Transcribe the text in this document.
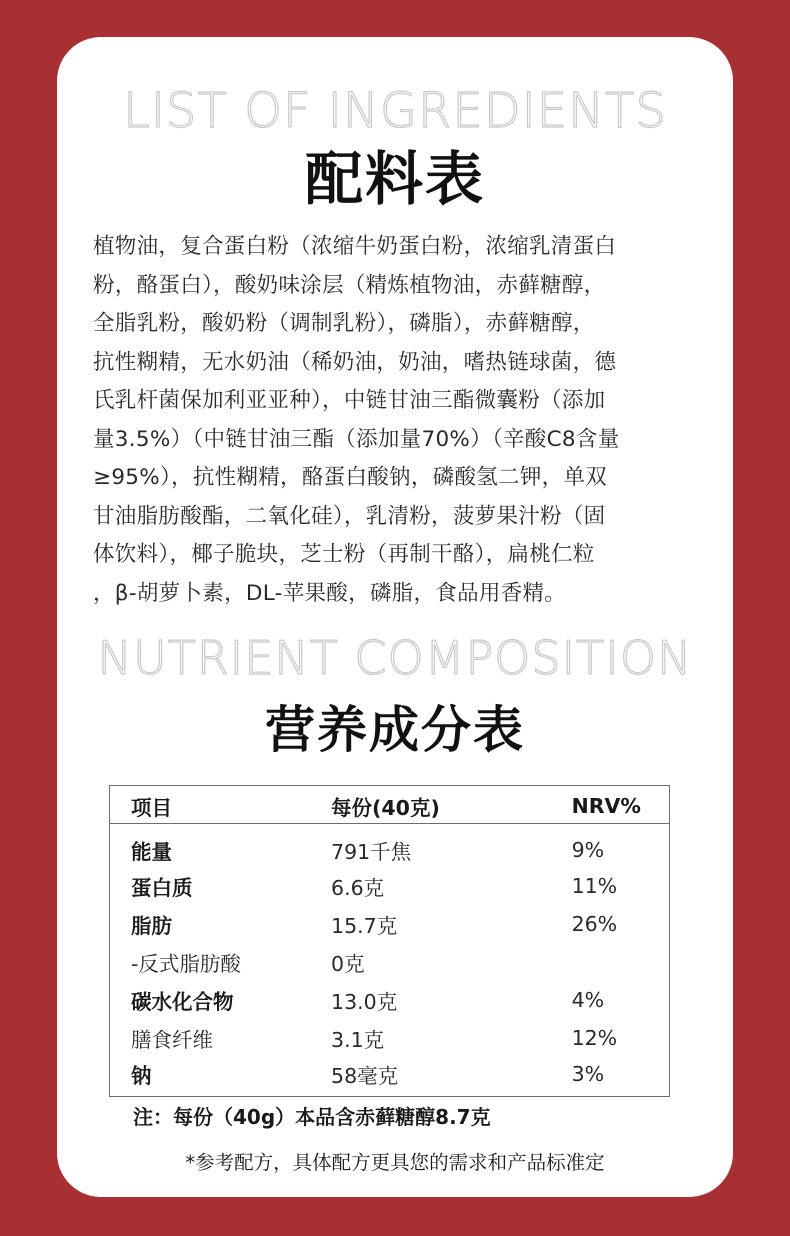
LIST OF INGREDIENTS
配料表
植物油，复合蛋白粉（浓缩牛奶蛋白粉，浓缩乳清蛋白
粉，酪蛋白），酸奶味涂层（精炼植物油，赤藓糖醇，
全脂乳粉，酸奶粉（调制乳粉），磷脂），赤藓糖醇，
抗性糊精，无水奶油（稀奶油，奶油，嗜热链球菌，德
氏乳杆菌保加利亚亚种），中链甘油三酯微囊粉（添加
量3.5%）（中链甘油三酯（添加量70%）（辛酸C8含量
≥95%），抗性糊精，酪蛋白酸钠，磷酸氢二钾，单双
甘油脂肪酸酯，二氧化硅），乳清粉，菠萝果汁粉（固
体饮料），椰子脆块，芝士粉（再制干酪），扁桃仁粒
，β-胡萝卜素，DL-苹果酸，磷脂，食品用香精。
NUTRIENT COMPOSITION
营养成分表
项目	每份(40克)	NRV%
能量	791千焦	9%
蛋白质	6.6克	11%
脂肪	15.7克	26%
-反式脂肪酸	0克	
碳水化合物	13.0克	4%
膳食纤维	3.1克	12%
钠	58毫克	3%
注：每份（40g）本品含赤藓糖醇8.7克
*参考配方，具体配方更具您的需求和产品标准定
